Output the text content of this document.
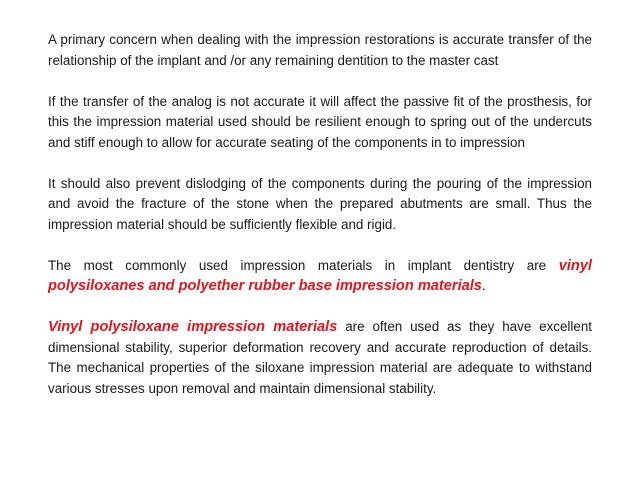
A primary concern when dealing with the impression restorations is accurate transfer of the relationship of the implant and /or any remaining dentition to the master cast

If the transfer of the analog is not accurate it will affect the passive fit of the prosthesis, for this the impression material used should be resilient enough to spring out of the undercuts and stiff enough to allow for accurate seating of the components in to impression

It should also prevent dislodging of the components during the pouring of the impression and avoid the fracture of the stone when the prepared abutments are small. Thus the impression material should be sufficiently flexible and rigid.

The most commonly used impression materials in implant dentistry are vinyl polysiloxanes and polyether rubber base impression materials.

Vinyl polysiloxane impression materials are often used as they have excellent dimensional stability, superior deformation recovery and accurate reproduction of details. The mechanical properties of the siloxane impression material are adequate to withstand various stresses upon removal and maintain dimensional stability.
